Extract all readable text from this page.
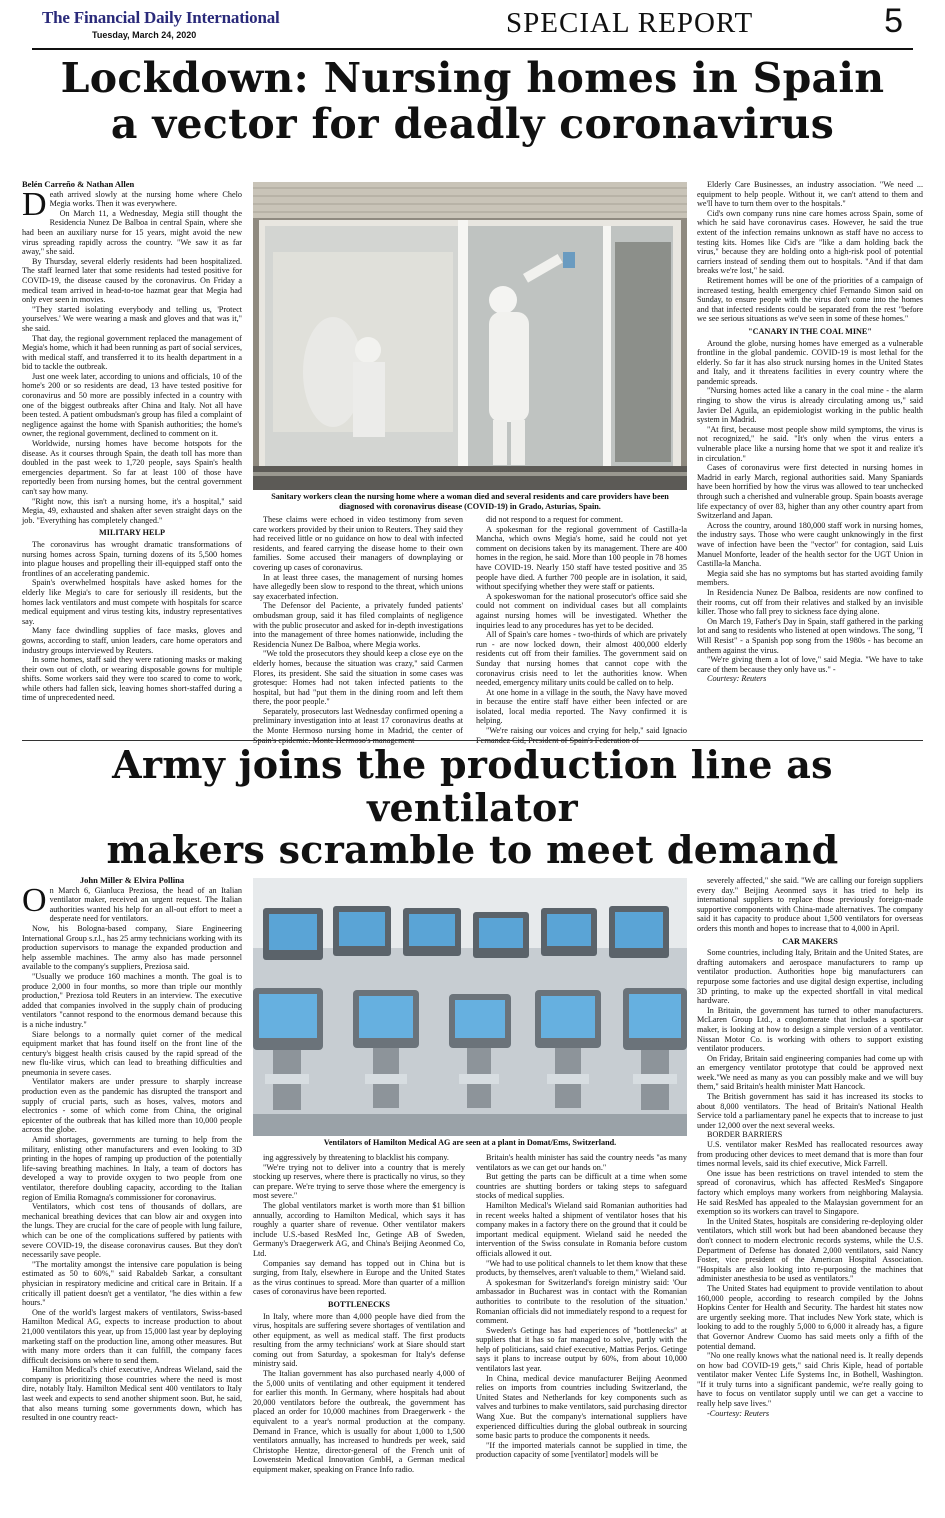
The Financial Daily International
Tuesday, March 24, 2020	SPECIAL REPORT	5
Lockdown: Nursing homes in Spain
a vector for deadly coronavirus

Belén Carreño & Nathan Allen

D eath arrived slowly at the nursing home where Chelo Megia works. Then it was everywhere.

On March 11, a Wednesday, Megia still thought the Residencia Nunez De Balboa in central Spain, where she had been an auxiliary nurse for 15 years, might avoid the new virus spreading rapidly across the country. "We saw it as far away," she said.

By Thursday, several elderly residents had been hospitalized. The staff learned later that some residents had tested positive for COVID-19, the disease caused by the coronavirus. On Friday a medical team arrived in head-to-toe hazmat gear that Megia had only ever seen in movies.

"They started isolating everybody and telling us, 'Protect yourselves.' We were wearing a mask and gloves and that was it," she said.

That day, the regional government replaced the management of Megia's home, which it had been running as part of social services, with medical staff, and transferred it to its health department in a bid to tackle the outbreak.

Just one week later, according to unions and officials, 10 of the home's 200 or so residents are dead, 13 have tested positive for coronavirus and 50 more are possibly infected in a country with one of the biggest outbreaks after China and Italy. Not all have been tested. A patient ombudsman's group has filed a complaint of negligence against the home with Spanish authorities; the home's owner, the regional government, declined to comment on it.

Worldwide, nursing homes have become hotspots for the disease. As it courses through Spain, the death toll has more than doubled in the past week to 1,720 people, says Spain's health emergencies department. So far at least 100 of those have reportedly been from nursing homes, but the central government can't say how many.

"Right now, this isn't a nursing home, it's a hospital," said Megia, 49, exhausted and shaken after seven straight days on the job. "Everything has completely changed."

MILITARY HELP

The coronavirus has wrought dramatic transformations of nursing homes across Spain, turning dozens of its 5,500 homes into plague houses and propelling their ill-equipped staff onto the frontlines of an accelerating pandemic.

Spain's overwhelmed hospitals have asked homes for the elderly like Megia's to care for seriously ill residents, but the homes lack ventilators and must compete with hospitals for scarce medical equipment and virus testing kits, industry representatives say.

Many face dwindling supplies of face masks, gloves and gowns, according to staff, union leaders, care home operators and industry groups interviewed by Reuters.

In some homes, staff said they were rationing masks or making their own out of cloth, or wearing disposable gowns for multiple shifts. Some workers said they were too scared to come to work, while others had fallen sick, leaving homes short-staffed during a time of unprecedented need.

Sanitary workers clean the nursing home where a woman died and several residents and care providers have been diagnosed with coronavirus disease (COVID-19) in Grado, Asturias, Spain.

These claims were echoed in video testimony from seven care workers provided by their union to Reuters. They said they had received little or no guidance on how to deal with infected residents, and feared carrying the disease home to their own families. Some accused their managers of downplaying or covering up cases of coronavirus.

In at least three cases, the management of nursing homes have allegedly been slow to respond to the threat, which unions say exacerbated infection.

The Defensor del Paciente, a privately funded patients' ombudsman group, said it has filed complaints of negligence with the public prosecutor and asked for in-depth investigations into the management of three homes nationwide, including the Residencia Nunez De Balboa, where Megia works.

"We told the prosecutors they should keep a close eye on the elderly homes, because the situation was crazy," said Carmen Flores, its president. She said the situation in some cases was grotesque: Homes had not taken infected patients to the hospital, but had "put them in the dining room and left them there, the poor people."

Separately, prosecutors last Wednesday confirmed opening a preliminary investigation into at least 17 coronavirus deaths at the Monte Hermoso nursing home in Madrid, the center of Spain's epidemic. Monte Hermoso's management

did not respond to a request for comment.

A spokesman for the regional government of Castilla-la Mancha, which owns Megia's home, said he could not yet comment on decisions taken by its management. There are 400 homes in the region, he said. More than 100 people in 78 homes have COVID-19. Nearly 150 staff have tested positive and 35 people have died. A further 700 people are in isolation, it said, without specifying whether they were staff or patients.

A spokeswoman for the national prosecutor's office said she could not comment on individual cases but all complaints against nursing homes will be investigated. Whether the inquiries lead to any procedures has yet to be decided.

All of Spain's care homes - two-thirds of which are privately run - are now locked down, their almost 400,000 elderly residents cut off from their families. The government said on Sunday that nursing homes that cannot cope with the coronavirus crisis need to let the authorities know. When needed, emergency military units could be called on to help.

At one home in a village in the south, the Navy have moved in because the entire staff have either been infected or are isolated, local media reported. The Navy confirmed it is helping.

"We're raising our voices and crying for help," said Ignacio Fernandez Cid, President of Spain's Federation of

Elderly Care Businesses, an industry association. "We need ... equipment to help people. Without it, we can't attend to them and we'll have to turn them over to the hospitals."

Cid's own company runs nine care homes across Spain, some of which he said have coronavirus cases. However, he said the true extent of the infection remains unknown as staff have no access to testing kits. Homes like Cid's are "like a dam holding back the virus," because they are holding onto a high-risk pool of potential carriers instead of sending them out to hospitals. "And if that dam breaks we're lost," he said.

Retirement homes will be one of the priorities of a campaign of increased testing, health emergency chief Fernando Simon said on Sunday, to ensure people with the virus don't come into the homes and that infected residents could be separated from the rest "before we see serious situations as we've seen in some of these homes."

"CANARY IN THE COAL MINE"

Around the globe, nursing homes have emerged as a vulnerable frontline in the global pandemic. COVID-19 is most lethal for the elderly. So far it has also struck nursing homes in the United States and Italy, and it threatens facilities in every country where the pandemic spreads.

"Nursing homes acted like a canary in the coal mine - the alarm ringing to show the virus is already circulating among us," said Javier Del Aguila, an epidemiologist working in the public health system in Madrid.

"At first, because most people show mild symptoms, the virus is not recognized," he said. "It's only when the virus enters a vulnerable place like a nursing home that we spot it and realize it's in circulation."

Cases of coronavirus were first detected in nursing homes in Madrid in early March, regional authorities said. Many Spaniards have been horrified by how the virus was allowed to tear unchecked through such a cherished and vulnerable group. Spain boasts average life expectancy of over 83, higher than any other country apart from Switzerland and Japan.

Across the country, around 180,000 staff work in nursing homes, the industry says. Those who were caught unknowingly in the first wave of infection have been the "vector" for contagion, said Luis Manuel Monforte, leader of the health sector for the UGT Union in Castilla-la Mancha.

Megia said she has no symptoms but has started avoiding family members.

In Residencia Nunez De Balboa, residents are now confined to their rooms, cut off from their relatives and stalked by an invisible killer. Those who fall prey to sickness face dying alone.

On March 19, Father's Day in Spain, staff gathered in the parking lot and sang to residents who listened at open windows. The song, "I Will Resist" - a Spanish pop song from the 1980s - has become an anthem against the virus.

"We're giving them a lot of love," said Megia. "We have to take care of them because they only have us." -

Courtesy: Reuters

Army joins the production line as ventilator
makers scramble to meet demand

John Miller & Elvira Pollina

O n March 6, Gianluca Preziosa, the head of an Italian ventilator maker, received an urgent request. The Italian authorities wanted his help for an all-out effort to meet a desperate need for ventilators.

Now, his Bologna-based company, Siare Engineering International Group s.r.l., has 25 army technicians working with its production supervisors to manage the expanded production and help assemble machines. The army also has made personnel available to the company's suppliers, Preziosa said.

"Usually we produce 160 machines a month. The goal is to produce 2,000 in four months, so more than triple our monthly production," Preziosa told Reuters in an interview. The executive added that companies involved in the supply chain of producing ventilators "cannot respond to the enormous demand because this is a niche industry."

Siare belongs to a normally quiet corner of the medical equipment market that has found itself on the front line of the century's biggest health crisis caused by the rapid spread of the new flu-like virus, which can lead to breathing difficulties and pneumonia in severe cases.

Ventilator makers are under pressure to sharply increase production even as the pandemic has disrupted the transport and supply of crucial parts, such as hoses, valves, motors and electronics - some of which come from China, the original epicenter of the outbreak that has killed more than 10,000 people across the globe.

Amid shortages, governments are turning to help from the military, enlisting other manufacturers and even looking to 3D printing in the hopes of ramping up production of the potentially life-saving breathing machines. In Italy, a team of doctors has developed a way to provide oxygen to two people from one ventilator, therefore doubling capacity, according to the Italian region of Emilia Romagna's commissioner for coronavirus.

Ventilators, which cost tens of thousands of dollars, are mechanical breathing devices that can blow air and oxygen into the lungs. They are crucial for the care of people with lung failure, which can be one of the complications suffered by patients with severe COVID-19, the disease coronavirus causes. But they don't necessarily save people.

"The mortality amongst the intensive care population is being estimated as 50 to 60%," said Rabaldeb Sarkar, a consultant physician in respiratory medicine and critical care in Britain. If a critically ill patient doesn't get a ventilator, "he dies within a few hours."

One of the world's largest makers of ventilators, Swiss-based Hamilton Medical AG, expects to increase production to about 21,000 ventilators this year, up from 15,000 last year by deploying marketing staff on the production line, among other measures. But with many more orders than it can fulfill, the company faces difficult decisions on where to send them.

Hamilton Medical's chief executive, Andreas Wieland, said the company is prioritizing those countries where the need is most dire, notably Italy. Hamilton Medical sent 400 ventilators to Italy last week and expects to send another shipment soon. But, he said, that also means turning some governments down, which has resulted in one country react-

Ventilators of Hamilton Medical AG are seen at a plant in Domat/Ems, Switzerland.

ing aggressively by threatening to blacklist his company.

"We're trying not to deliver into a country that is merely stocking up reserves, where there is practically no virus, so they can prepare. We're trying to serve those where the emergency is most severe."

The global ventilators market is worth more than $1 billion annually, according to Hamilton Medical, which says it has roughly a quarter share of revenue. Other ventilator makers include U.S.-based ResMed Inc, Getinge AB of Sweden, Germany's Draegerwerk AG, and China's Beijing Aeonmed Co, Ltd.

Companies say demand has topped out in China but is surging, from Italy, elsewhere in Europe and the United States as the virus continues to spread. More than quarter of a million cases of coronavirus have been reported.

BOTTLENECKS

In Italy, where more than 4,000 people have died from the virus, hospitals are suffering severe shortages of ventilation and other equipment, as well as medical staff. The first products resulting from the army technicians' work at Siare should start coming out from Saturday, a spokesman for Italy's defense ministry said.

The Italian government has also purchased nearly 4,000 of the 5,000 units of ventilating and other equipment it tendered for earlier this month. In Germany, where hospitals had about 20,000 ventilators before the outbreak, the government has placed an order for 10,000 machines from Draegerwerk - the equivalent to a year's normal production at the company. Demand in France, which is usually for about 1,000 to 1,500 ventilators annually, has increased to hundreds per week, said Christophe Hentze, director-general of the French unit of Lowenstein Medical Innovation GmbH, a German medical equipment maker, speaking on France Info radio.

Britain's health minister has said the country needs "as many ventilators as we can get our hands on."

But getting the parts can be difficult at a time when some countries are shutting borders or taking steps to safeguard stocks of medical supplies.

Hamilton Medical's Wieland said Romanian authorities had in recent weeks halted a shipment of ventilator hoses that his company makes in a factory there on the ground that it could be important medical equipment. Wieland said he needed the intervention of the Swiss consulate in Romania before custom officials allowed it out.

"We had to use political channels to let them know that these products, by themselves, aren't valuable to them," Wieland said.

A spokesman for Switzerland's foreign ministry said: 'Our ambassador in Bucharest was in contact with the Romanian authorities to contribute to the resolution of the situation.' Romanian officials did not immediately respond to a request for comment.

Sweden's Getinge has had experiences of "bottlenecks" at suppliers that it has so far managed to solve, partly with the help of politicians, said chief executive, Mattias Perjos. Getinge says it plans to increase output by 60%, from about 10,000 ventilators last year.

In China, medical device manufacturer Beijing Aeonmed relies on imports from countries including Switzerland, the United States and Netherlands for key components such as valves and turbines to make ventilators, said purchasing director Wang Xue. But the company's international suppliers have experienced difficulties during the global outbreak in sourcing some basic parts to produce the components it needs.

"If the imported materials cannot be supplied in time, the production capacity of some [ventilator] models will be

severely affected," she said. "We are calling our foreign suppliers every day." Beijing Aeonmed says it has tried to help its international suppliers to replace those previously foreign-made supportive components with China-made alternatives. The company said it has capacity to produce about 1,500 ventilators for overseas orders this month and hopes to increase that to 4,000 in April.

CAR MAKERS

Some countries, including Italy, Britain and the United States, are drafting automakers and aerospace manufacturers to ramp up ventilator production. Authorities hope big manufacturers can repurpose some factories and use digital design expertise, including 3D printing, to make up the expected shortfall in vital medical hardware.

In Britain, the government has turned to other manufacturers. McLaren Group Ltd., a conglomerate that includes a sports-car maker, is looking at how to design a simple version of a ventilator. Nissan Motor Co. is working with others to support existing ventilator producers.

On Friday, Britain said engineering companies had come up with an emergency ventilator prototype that could be approved next week."We need as many as you can possibly make and we will buy them," said Britain's health minister Matt Hancock.

The British government has said it has increased its stocks to about 8,000 ventilators. The head of Britain's National Health Service told a parliamentary panel he expects that to increase to just under 12,000 over the next several weeks.

BORDER BARRIERS

U.S. ventilator maker ResMed has reallocated resources away from producing other devices to meet demand that is more than four times normal levels, said its chief executive, Mick Farrell.

One issue has been restrictions on travel intended to stem the spread of coronavirus, which has affected ResMed's Singapore factory which employs many workers from neighboring Malaysia. He said ResMed has appealed to the Malaysian government for an exemption so its workers can travel to Singapore.

In the United States, hospitals are considering re-deploying older ventilators, which still work but had been abandoned because they don't connect to modern electronic records systems, while the U.S. Department of Defense has donated 2,000 ventilators, said Nancy Foster, vice president of the American Hospital Association. "Hospitals are also looking into re-purposing the machines that administer anesthesia to be used as ventilators."

The United States had equipment to provide ventilation to about 160,000 people, according to research compiled by the Johns Hopkins Center for Health and Security. The hardest hit states now are urgently seeking more. That includes New York state, which is looking to add to the roughly 5,000 to 6,000 it already has, a figure that Governor Andrew Cuomo has said meets only a fifth of the potential demand.

"No one really knows what the national need is. It really depends on how bad COVID-19 gets," said Chris Kiple, head of portable ventilator maker Ventec Life Systems Inc, in Bothell, Washington. "If it truly turns into a significant pandemic, we're really going to have to focus on ventilator supply until we can get a vaccine to really help save lives."

-Courtesy: Reuters
